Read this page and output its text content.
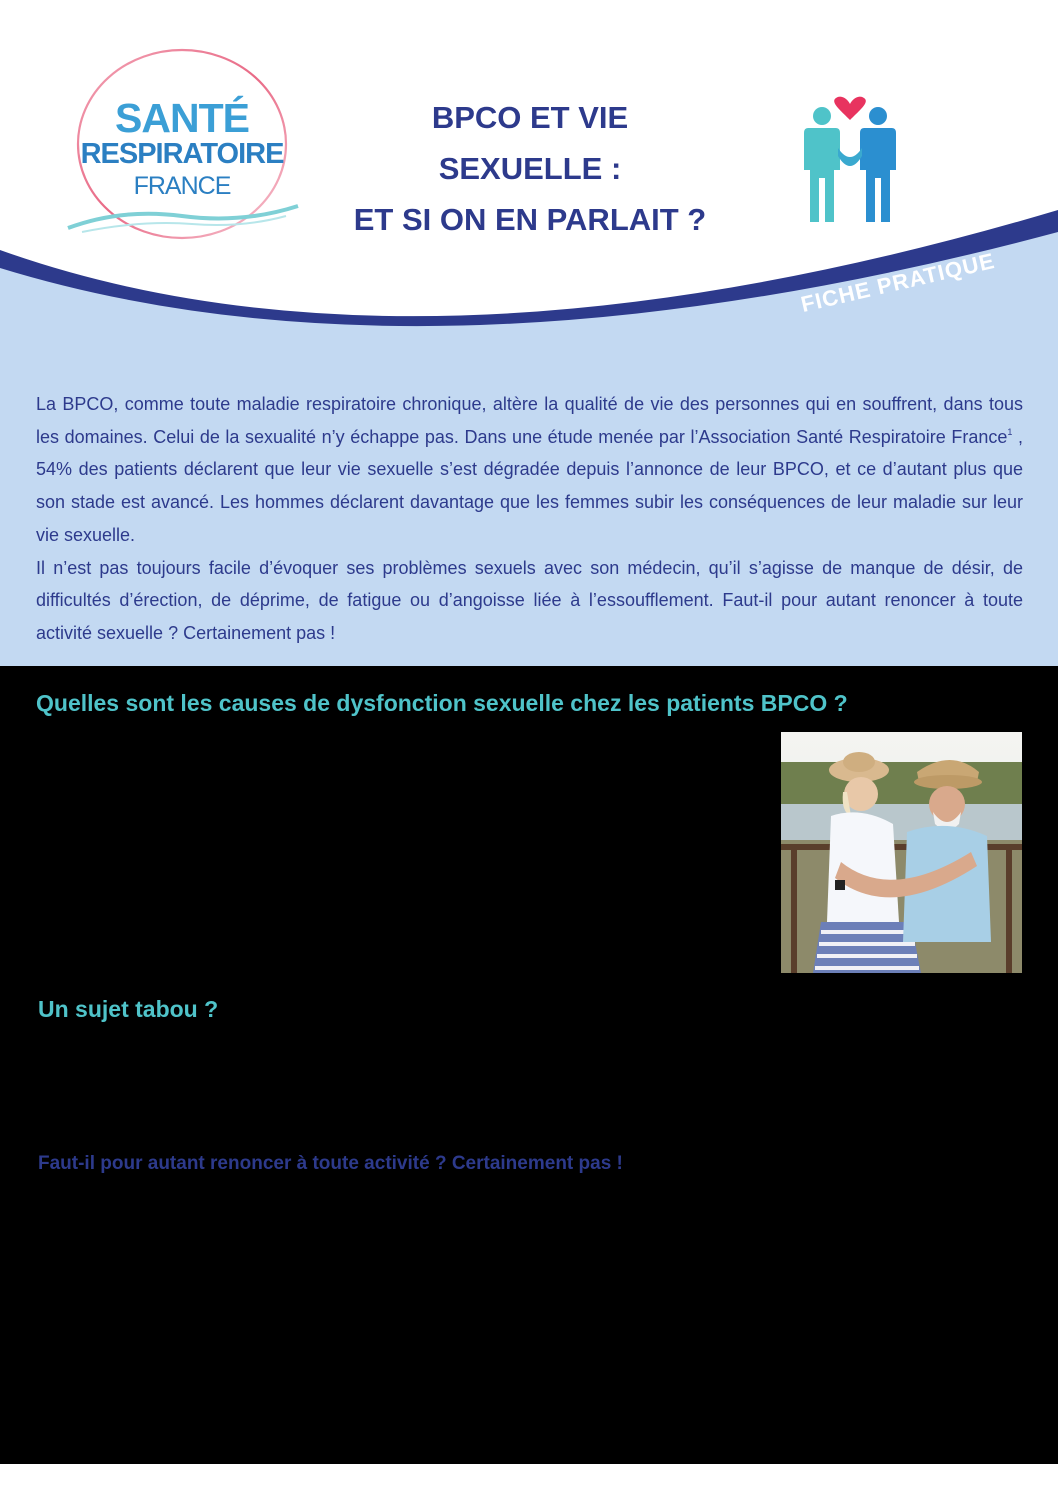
SANTÉ
RESPIRATOIRE
FRANCE
BPCO ET VIE
SEXUELLE :
ET SI ON EN PARLAIT ?
FICHE PRATIQUE

La BPCO, comme toute maladie respiratoire chronique, altère la qualité de vie des personnes qui en souffrent, dans tous les domaines. Celui de la sexualité n’y échappe pas. Dans une étude menée par l’Association Santé Respiratoire France$^1$ , 54% des patients déclarent que leur vie sexuelle s’est dégradée depuis l’annonce de leur BPCO, et ce d’autant plus que son stade est avancé. Les hommes déclarent davantage que les femmes subir les conséquences de leur maladie sur leur vie sexuelle.

Il n’est pas toujours facile d’évoquer ses problèmes sexuels avec son médecin, qu’il s’agisse de manque de désir, de difficultés d’érection, de déprime, de fatigue ou d’angoisse liée à l’essoufflement. Faut-il pour autant renoncer à toute activité sexuelle ? Certainement pas !

Quelles sont les causes de dysfonction sexuelle chez les patients BPCO ?
Un sujet tabou ?
Faut-il pour autant renoncer à toute activité ? Certainement pas !
